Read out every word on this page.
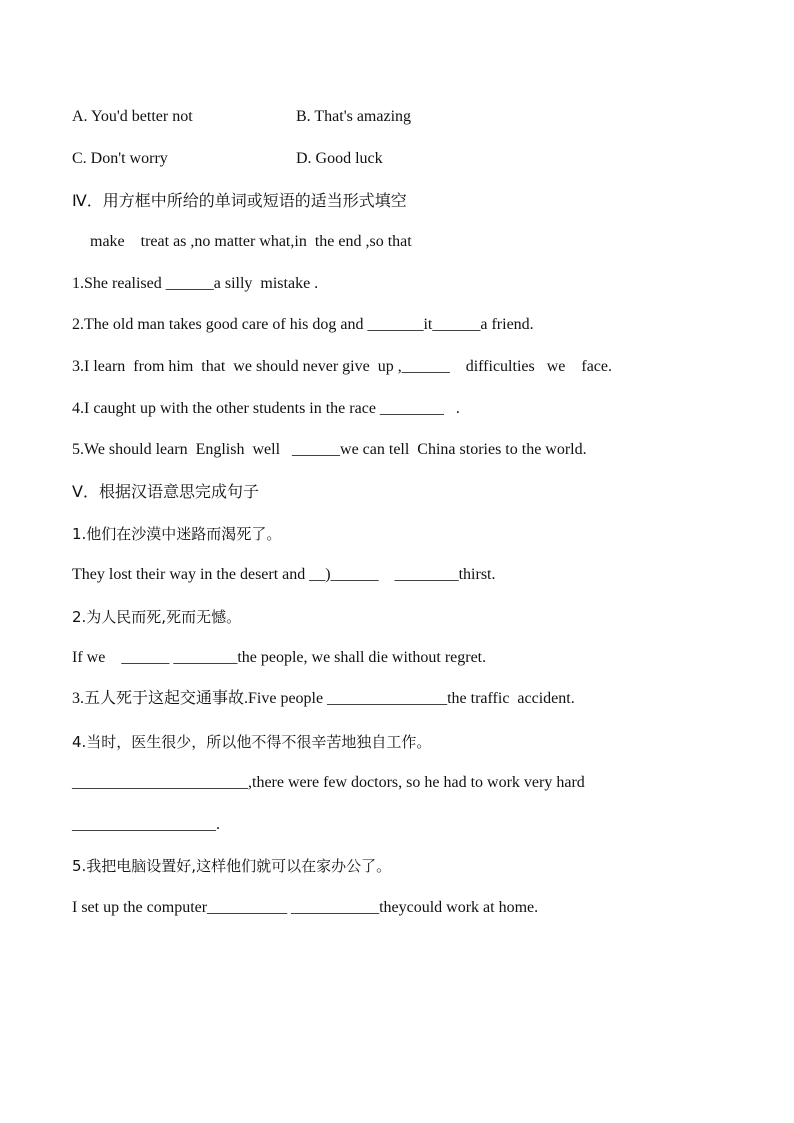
A. You'd better not	B. That's amazing
C. Don't worry	D. Good luck
Ⅳ．用方框中所给的单词或短语的适当形式填空
make    treat as ,no matter what,in  the end ,so that
1.She realised ______a silly  mistake .
2.The old man takes good care of his dog and _______it______a friend.
3.I learn  from him  that  we should never give  up ,______    difficulties   we    face.
4.I caught up with the other students in the race ________   .
5.We should learn  English  well   ______we can tell  China stories to the world.
Ⅴ．根据汉语意思完成句子
1.他们在沙漠中迷路而渴死了。
They lost their way in the desert and __)______    ________thirst.
2.为人民而死,死而无憾。
If we    ______ ________the people, we shall die without regret.
3.五人死于这起交通事故.Five people _______________the traffic  accident.
4.当时，医生很少，所以他不得不很辛苦地独自工作。
______________________,there were few doctors, so he had to work very hard
__________________.
5.我把电脑设置好,这样他们就可以在家办公了。
I set up the computer__________ ___________theycould work at home.
